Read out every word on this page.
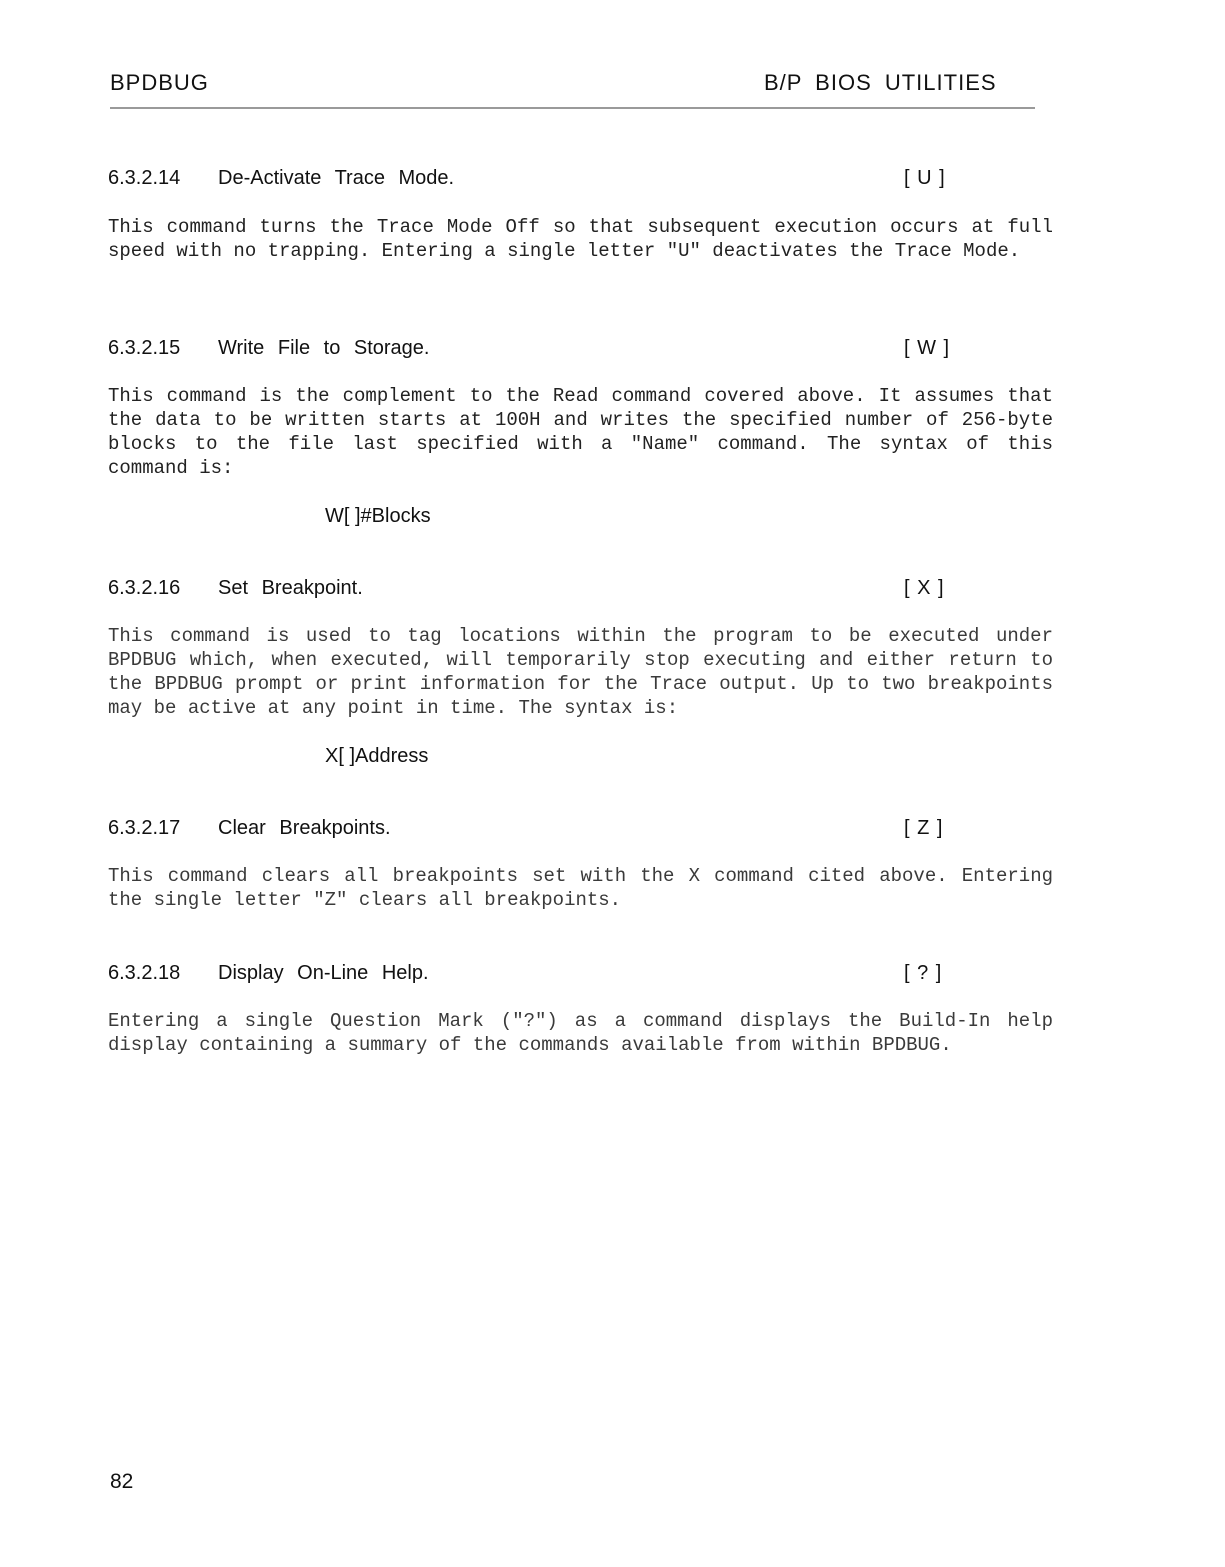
BPDBUG	B/P BIOS UTILITIES
6.3.2.14 De-Activate Trace Mode.	[ U ]

This command turns the Trace Mode Off so that subsequent execution occurs at full speed with no trapping. Entering a single letter "U" deactivates the Trace Mode.

6.3.2.15 Write File to Storage.	[ W ]

This command is the complement to the Read command covered above. It assumes that the data to be written starts at 100H and writes the specified number of 256-byte blocks to the file last specified with a "Name" command. The syntax of this command is:

W[ ]#Blocks

6.3.2.16 Set Breakpoint.	[ X ]

This command is used to tag locations within the program to be executed under BPDBUG which, when executed, will temporarily stop executing and either return to the BPDBUG prompt or print information for the Trace output. Up to two breakpoints may be active at any point in time. The syntax is:

X[ ]Address

6.3.2.17 Clear Breakpoints.	[ Z ]

This command clears all breakpoints set with the X command cited above. Entering the single letter "Z" clears all breakpoints.

6.3.2.18 Display On-Line Help.	[ ? ]

Entering a single Question Mark ("?") as a command displays the Build-In help display containing a summary of the commands available from within BPDBUG.

82
